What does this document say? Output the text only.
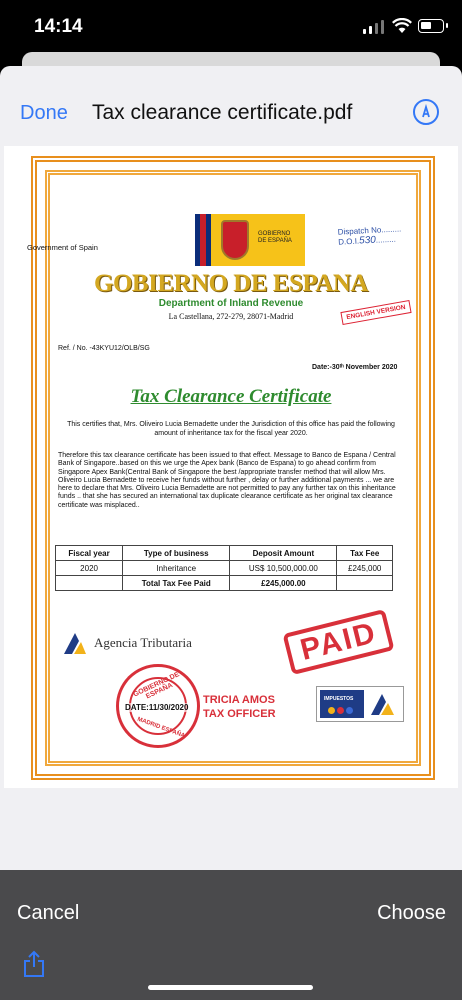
14:14
Done Tax clearance certificate.pdf
Government of Spain
GOBIERNO
DE ESPAÑA
Dispatch No.........
D.O.I.530.........
GOBIERNO DE ESPANA
Department of Inland Revenue
La Castellana, 272-279, 28071-Madrid	ENGLISH VERSION
Ref. / No. -43KYU12/OLB/SG
Date:-30ᵗʰ November 2020
Tax Clearance Certificate
This certifies that, Mrs. Oliveiro Lucia Bernadette under the Jurisdiction of this office has paid the following amount of inheritance tax for the fiscal year 2020.
Therefore this tax clearance certificate has been issued to that effect. Message to Banco de Espana / Central Bank of Singapore..based on this we urge the Apex bank (Banco de Espana) to go ahead confirm from Singapore Apex Bank(Central Bank of Singapore the best /appropriate transfer method that will allow Mrs. Oliveiro Lucia Bernadette to receive her funds without further , delay or further additional payments ... we are here to declare that Mrs. Oliveiro Lucia Bernadette are not permitted to pay any further tax on this inheritance funds .. that she has secured an international tax duplicate clearance certificate as her original tax clearance certificate was misplaced..
Fiscal year	Type of business	Deposit Amount	Tax Fee
2020	Inheritance	US$ 10,500,000.00	£245,000
	Total Tax Fee Paid	£245,000.00	
Agencia Tributaria	PAID
GOBIERNO DE ESPAÑA
DATE:11/30/2020
MADRID ESPAÑA
TRICIA AMOS
TAX OFFICER
IMPUESTOS
Cancel	Choose
